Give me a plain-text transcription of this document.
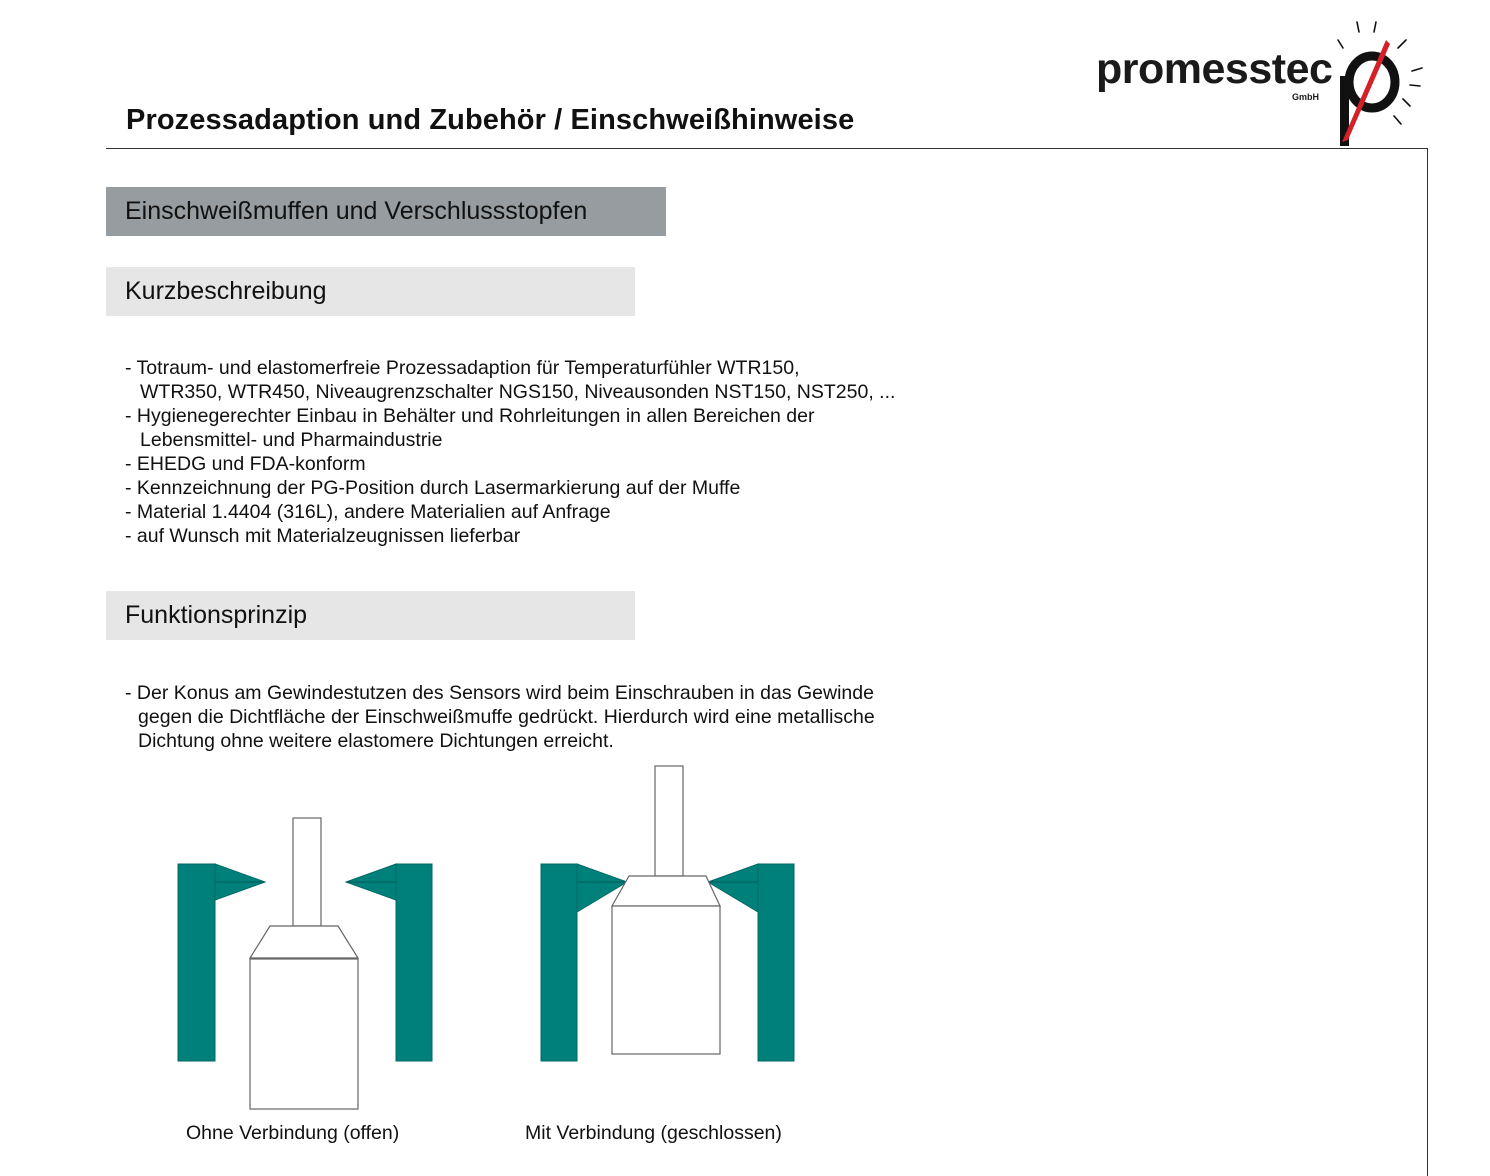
Prozessadaption und Zubehör / Einschweißhinweise
promesstec
GmbH
Einschweißmuffen und Verschlussstopfen
Kurzbeschreibung
- Totraum- und elastomerfreie Prozessadaption für Temperaturfühler WTR150,
WTR350, WTR450, Niveaugrenzschalter NGS150, Niveausonden NST150, NST250, ...
- Hygienegerechter Einbau in Behälter und Rohrleitungen in allen Bereichen der
Lebensmittel- und Pharmaindustrie
- EHEDG und FDA-konform
- Kennzeichnung der PG-Position durch Lasermarkierung auf der Muffe
- Material 1.4404 (316L), andere Materialien auf Anfrage
- auf Wunsch mit Materialzeugnissen lieferbar
Funktionsprinzip
- Der Konus am Gewindestutzen des Sensors wird beim Einschrauben in das Gewinde
gegen die Dichtfläche der Einschweißmuffe gedrückt. Hierdurch wird eine metallische
Dichtung ohne weitere elastomere Dichtungen erreicht.
Ohne Verbindung (offen)	Mit Verbindung (geschlossen)
